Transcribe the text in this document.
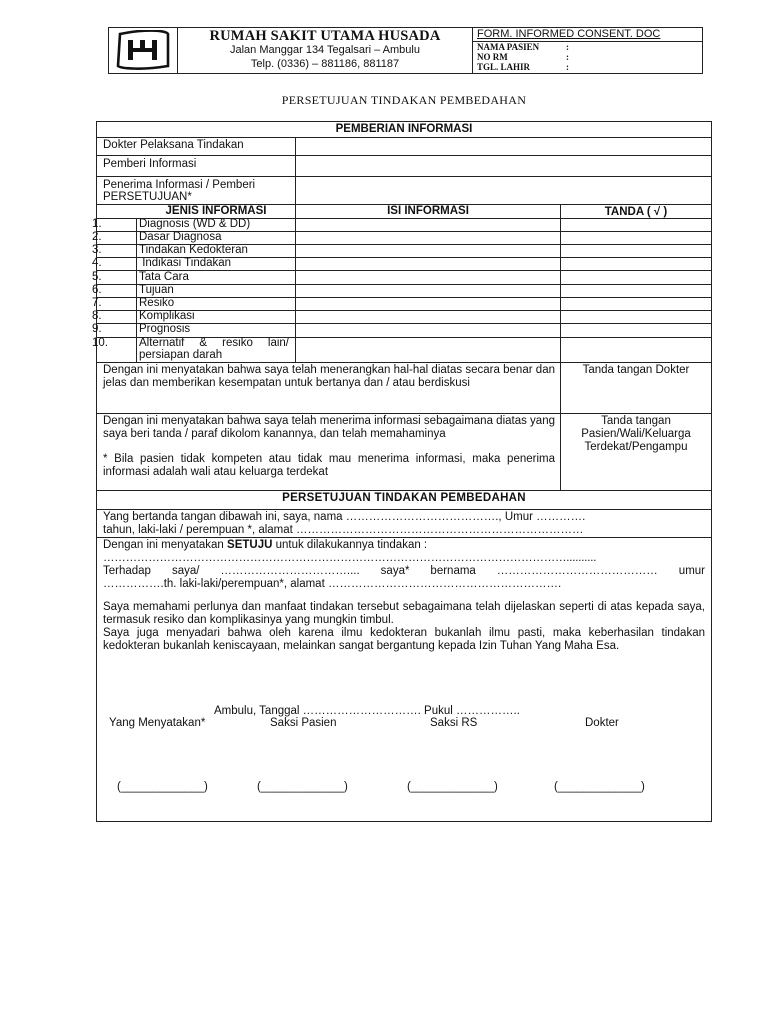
RUMAH SAKIT UTAMA HUSADA
Jalan Manggar 134 Tegalsari – Ambulu
Telp. (0336) – 881186, 881187
FORM. INFORMED CONSENT. DOC
NAMA PASIEN	:
NO RM	:
TGL. LAHIR	:
PERSETUJUAN TINDAKAN PEMBEDAHAN
PEMBERIAN INFORMASI
Dokter Pelaksana Tindakan
Pemberi Informasi
Penerima Informasi / Pemberi
PERSETUJUAN*
JENIS INFORMASI	ISI INFORMASI	TANDA ( √ )
1.	Diagnosis (WD & DD)
2.	Dasar Diagnosa
3.	Tindakan Kedokteran
4.	Indikasi Tindakan
5.	Tata Cara
6.	Tujuan
7.	Resiko
8.	Komplikasi
9.	Prognosis
10.	Alternatif & resiko lain/
persiapan darah
Dengan ini menyatakan bahwa saya telah menerangkan hal-hal diatas secara benar dan jelas dan memberikan kesempatan untuk bertanya dan / atau berdiskusi
Tanda tangan Dokter
Dengan ini menyatakan bahwa saya telah menerima informasi sebagaimana diatas yang saya beri tanda / paraf dikolom kanannya, dan telah memahaminya
* Bila pasien tidak kompeten atau tidak mau menerima informasi, maka penerima informasi adalah wali atau keluarga terdekat
Tanda tangan Pasien/Wali/Keluarga Terdekat/Pengampu
PERSETUJUAN TINDAKAN PEMBEDAHAN
Yang bertanda tangan dibawah ini, saya, nama …………………………………., Umur ………….
tahun, laki-laki / perempuan *, alamat …………………………………………………………………
Dengan ini menyatakan SETUJU untuk dilakukannya tindakan :
……………………………………………………………………………………………………………..........
Terhadap saya/ …………………………….... saya* bernama …………………………………… umur
…………….th. laki-laki/perempuan*, alamat …………………………………………………….
Saya memahami perlunya dan manfaat tindakan tersebut sebagaimana telah dijelaskan seperti di atas kepada saya, termasuk resiko dan komplikasinya yang mungkin timbul.
Saya juga menyadari bahwa oleh karena ilmu kedokteran bukanlah ilmu pasti, maka keberhasilan tindakan kedokteran bukanlah keniscayaan, melainkan sangat bergantung kepada Izin Tuhan Yang Maha Esa.
Ambulu, Tanggal …………………………. Pukul ……………..
Yang Menyatakan*	Saksi Pasien	Saksi RS	Dokter
(_____________)	(_____________)	(_____________)	(_____________)
